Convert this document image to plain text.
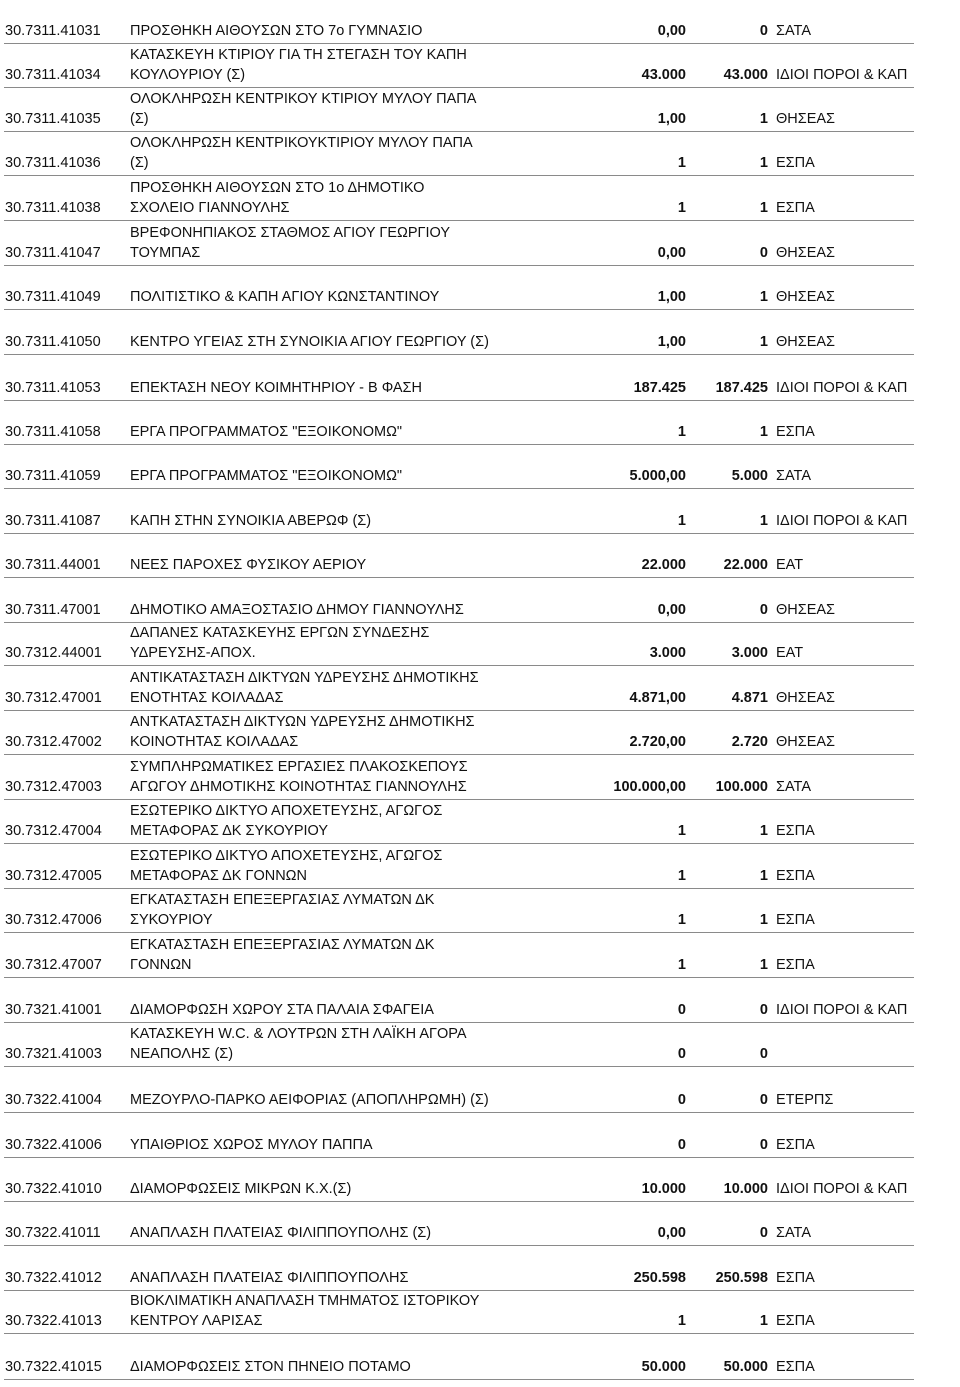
30.7311.41031 ΠΡΟΣΘΗΚΗ ΑΙΘΟΥΣΩΝ ΣΤΟ 7ο ΓΥΜΝΑΣΙΟ	0,00	0 ΣΑΤΑ
30.7311.41034
ΚΑΤΑΣΚΕΥΗ ΚΤΙΡΙΟΥ ΓΙΑ ΤΗ ΣΤΕΓΑΣΗ ΤΟΥ ΚΑΠΗ
ΚΟΥΛΟΥΡΙΟΥ (Σ)	43.000	43.000 ΙΔΙΟΙ ΠΟΡΟΙ & ΚΑΠ
30.7311.41035
ΟΛΟΚΛΗΡΩΣΗ ΚΕΝΤΡΙΚΟΥ ΚΤΙΡΙΟΥ ΜΥΛΟΥ ΠΑΠΑ
(Σ)	1,00	1 ΘΗΣΕΑΣ
30.7311.41036
ΟΛΟΚΛΗΡΩΣΗ ΚΕΝΤΡΙΚΟΥΚΤΙΡΙΟΥ ΜΥΛΟΥ ΠΑΠΑ
(Σ)	1	1 ΕΣΠΑ
30.7311.41038
ΠΡΟΣΘΗΚΗ ΑΙΘΟΥΣΩΝ ΣΤΟ 1ο ΔΗΜΟΤΙΚΟ
ΣΧΟΛΕΙΟ ΓΙΑΝΝΟΥΛΗΣ	1	1 ΕΣΠΑ
30.7311.41047
ΒΡΕΦΟΝΗΠΙΑΚΟΣ ΣΤΑΘΜΟΣ ΑΓΙΟΥ ΓΕΩΡΓΙΟΥ
ΤΟΥΜΠΑΣ	0,00	0 ΘΗΣΕΑΣ
30.7311.41049 ΠΟΛΙΤΙΣΤΙΚΟ & ΚΑΠΗ ΑΓΙΟΥ ΚΩΝΣΤΑΝΤΙΝΟΥ	1,00	1 ΘΗΣΕΑΣ
30.7311.41050 ΚΕΝΤΡΟ ΥΓΕΙΑΣ ΣΤΗ ΣΥΝΟΙΚΙΑ ΑΓΙΟΥ ΓΕΩΡΓΙΟΥ (Σ)	1,00	1 ΘΗΣΕΑΣ
30.7311.41053 ΕΠΕΚΤΑΣΗ ΝΕΟΥ ΚΟΙΜΗΤΗΡΙΟΥ - Β ΦΑΣΗ	187.425	187.425 ΙΔΙΟΙ ΠΟΡΟΙ & ΚΑΠ
30.7311.41058 ΕΡΓΑ ΠΡΟΓΡΑΜΜΑΤΟΣ "ΕΞΟΙΚΟΝΟΜΩ"	1	1 ΕΣΠΑ
30.7311.41059 ΕΡΓΑ ΠΡΟΓΡΑΜΜΑΤΟΣ "ΕΞΟΙΚΟΝΟΜΩ"	5.000,00	5.000 ΣΑΤΑ
30.7311.41087 ΚΑΠΗ ΣΤΗΝ ΣΥΝΟΙΚΙΑ ΑΒΕΡΩΦ (Σ)	1	1 ΙΔΙΟΙ ΠΟΡΟΙ & ΚΑΠ
30.7311.44001 ΝΕΕΣ ΠΑΡΟΧΕΣ ΦΥΣΙΚΟΥ ΑΕΡΙΟΥ	22.000	22.000 ΕΑΤ
30.7311.47001 ΔΗΜΟΤΙΚΟ ΑΜΑΞΟΣΤΑΣΙΟ ΔΗΜΟΥ ΓΙΑΝΝΟΥΛΗΣ	0,00	0 ΘΗΣΕΑΣ
30.7312.44001
ΔΑΠΑΝΕΣ ΚΑΤΑΣΚΕΥΗΣ ΕΡΓΩΝ ΣΥΝΔΕΣΗΣ
ΥΔΡΕΥΣΗΣ-ΑΠΟΧ.	3.000	3.000 ΕΑΤ
30.7312.47001
ΑΝΤΙΚΑΤΑΣΤΑΣΗ ΔΙΚΤΥΩΝ ΥΔΡΕΥΣΗΣ ΔΗΜΟΤΙΚΗΣ
ΕΝΟΤΗΤΑΣ ΚΟΙΛΑΔΑΣ	4.871,00	4.871 ΘΗΣΕΑΣ
30.7312.47002
ΑΝΤΚΑΤΑΣΤΑΣΗ ΔΙΚΤΥΩΝ ΥΔΡΕΥΣΗΣ ΔΗΜΟΤΙΚΗΣ
ΚΟΙΝΟΤΗΤΑΣ ΚΟΙΛΑΔΑΣ	2.720,00	2.720 ΘΗΣΕΑΣ
30.7312.47003
ΣΥΜΠΛΗΡΩΜΑΤΙΚΕΣ ΕΡΓΑΣΙΕΣ ΠΛΑΚΟΣΚΕΠΟΥΣ
ΑΓΩΓΟΥ ΔΗΜΟΤΙΚΗΣ ΚΟΙΝΟΤΗΤΑΣ ΓΙΑΝΝΟΥΛΗΣ	100.000,00	100.000 ΣΑΤΑ
30.7312.47004
ΕΣΩΤΕΡΙΚΟ ΔΙΚΤΥΟ ΑΠΟΧΕΤΕΥΣΗΣ, ΑΓΩΓΟΣ
ΜΕΤΑΦΟΡΑΣ ΔΚ ΣΥΚΟΥΡΙΟΥ	1	1 ΕΣΠΑ
30.7312.47005
ΕΣΩΤΕΡΙΚΟ ΔΙΚΤΥΟ ΑΠΟΧΕΤΕΥΣΗΣ, ΑΓΩΓΟΣ
ΜΕΤΑΦΟΡΑΣ ΔΚ ΓΟΝΝΩΝ	1	1 ΕΣΠΑ
30.7312.47006
ΕΓΚΑΤΑΣΤΑΣΗ ΕΠΕΞΕΡΓΑΣΙΑΣ ΛΥΜΑΤΩΝ ΔΚ
ΣΥΚΟΥΡΙΟΥ	1	1 ΕΣΠΑ
30.7312.47007
ΕΓΚΑΤΑΣΤΑΣΗ ΕΠΕΞΕΡΓΑΣΙΑΣ ΛΥΜΑΤΩΝ ΔΚ
ΓΟΝΝΩΝ	1	1 ΕΣΠΑ
30.7321.41001 ΔΙΑΜΟΡΦΩΣΗ ΧΩΡΟΥ ΣΤΑ ΠΑΛΑΙΑ ΣΦΑΓΕΙΑ	0	0 ΙΔΙΟΙ ΠΟΡΟΙ & ΚΑΠ
30.7321.41003
ΚΑΤΑΣΚΕΥΗ W.C. & ΛΟΥΤΡΩΝ ΣΤΗ ΛΑΪΚΗ ΑΓΟΡΑ
ΝΕΑΠΟΛΗΣ (Σ)	0	0
30.7322.41004 ΜΕΖΟΥΡΛΟ-ΠΑΡΚΟ ΑΕΙΦΟΡΙΑΣ (ΑΠΟΠΛΗΡΩΜΗ) (Σ)	0	0 ΕΤΕΡΠΣ
30.7322.41006 ΥΠΑΙΘΡΙΟΣ ΧΩΡΟΣ ΜΥΛΟΥ ΠΑΠΠΑ	0	0 ΕΣΠΑ
30.7322.41010 ΔΙΑΜΟΡΦΩΣΕΙΣ ΜΙΚΡΩΝ Κ.Χ.(Σ)	10.000	10.000 ΙΔΙΟΙ ΠΟΡΟΙ & ΚΑΠ
30.7322.41011 ΑΝΑΠΛΑΣΗ ΠΛΑΤΕΙΑΣ ΦΙΛΙΠΠΟΥΠΟΛΗΣ (Σ)	0,00	0 ΣΑΤΑ
30.7322.41012 ΑΝΑΠΛΑΣΗ ΠΛΑΤΕΙΑΣ ΦΙΛΙΠΠΟΥΠΟΛΗΣ	250.598	250.598 ΕΣΠΑ
30.7322.41013
ΒΙΟΚΛΙΜΑΤΙΚΗ ΑΝΑΠΛΑΣΗ ΤΜΗΜΑΤΟΣ ΙΣΤΟΡΙΚΟΥ
ΚΕΝΤΡΟΥ ΛΑΡΙΣΑΣ	1	1 ΕΣΠΑ
30.7322.41015 ΔΙΑΜΟΡΦΩΣΕΙΣ ΣΤΟΝ ΠΗΝΕΙΟ ΠΟΤΑΜΟ	50.000	50.000 ΕΣΠΑ
